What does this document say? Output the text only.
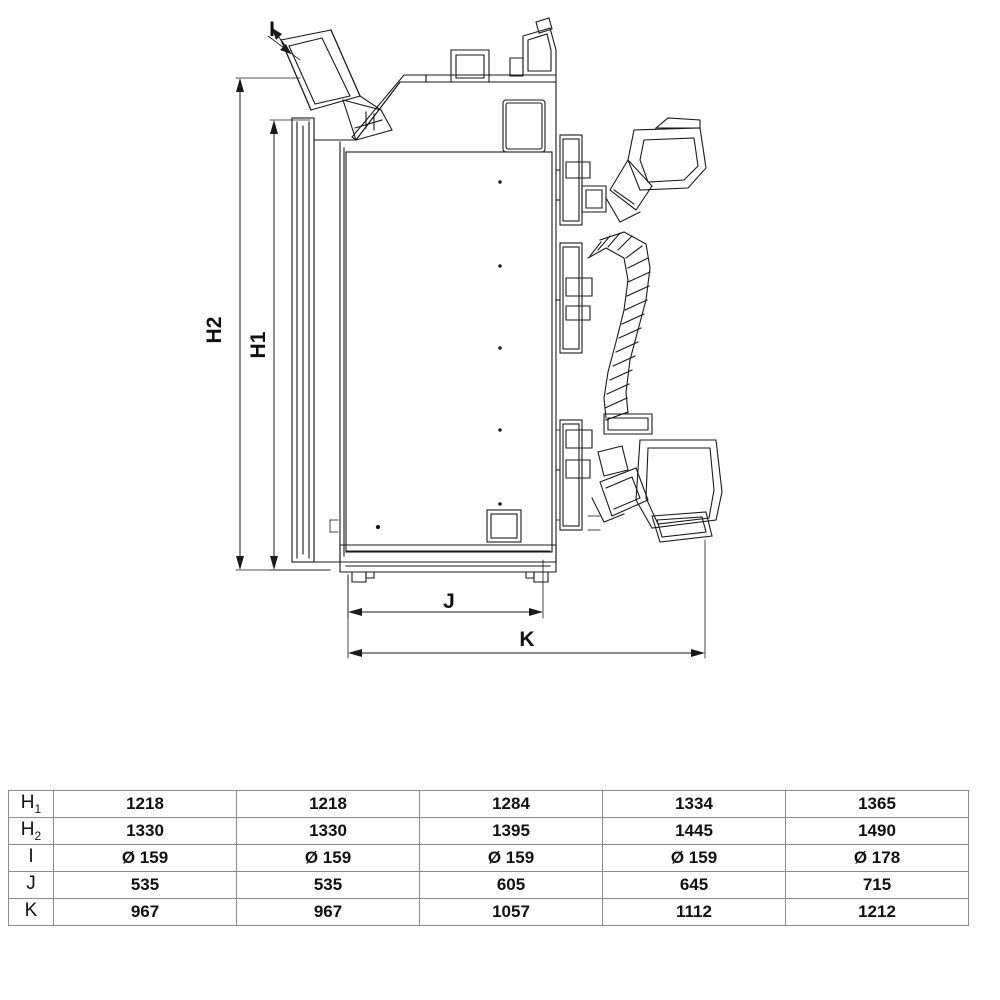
I
H2
H1
J
K
$H_1$	1218	1218	1284	1334	1365
$H_2$	1330	1330	1395	1445	1490
I	Ø 159	Ø 159	Ø 159	Ø 159	Ø 178
J	535	535	605	645	715
K	967	967	1057	1112	1212
